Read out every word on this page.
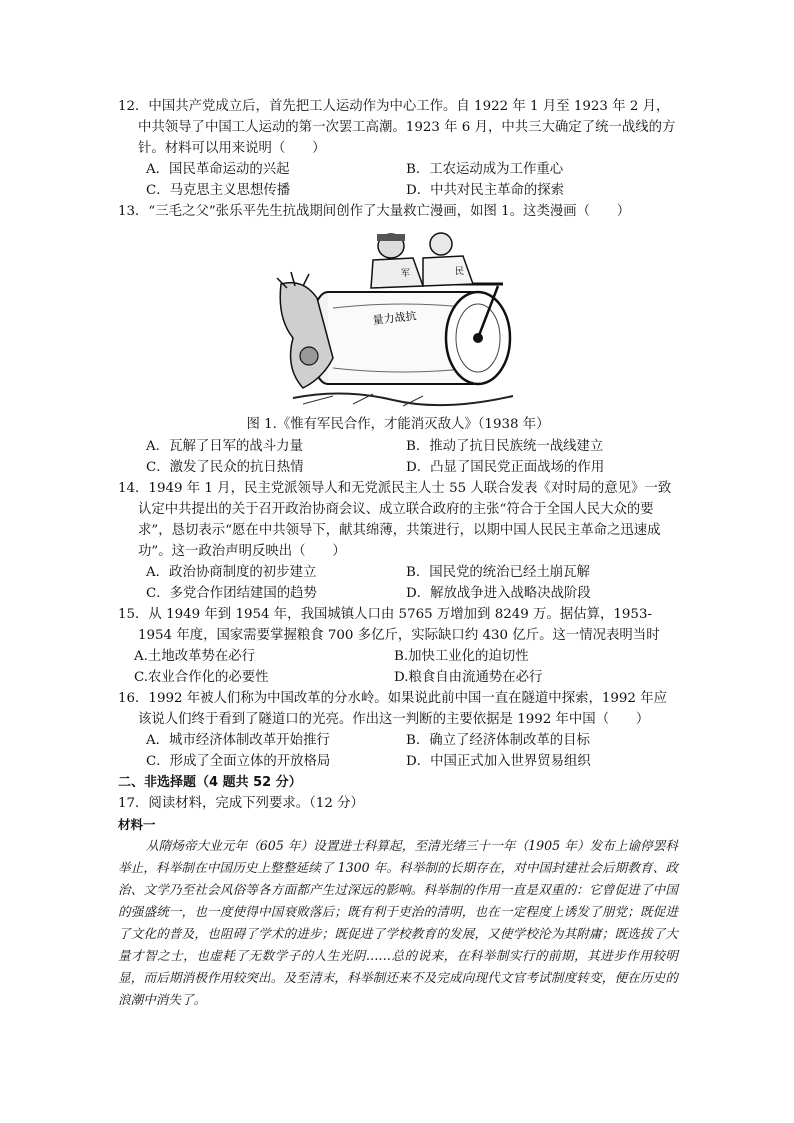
12．中国共产党成立后，首先把工人运动作为中心工作。自 1922 年 1 月至 1923 年 2 月，中共领导了中国工人运动的第一次罢工高潮。1923 年 6 月，中共三大确定了统一战线的方针。材料可以用来说明（　　）

A．国民革命运动的兴起	B．工农运动成为工作重心
C．马克思主义思想传播	D．中共对民主革命的探索

13．“三毛之父”张乐平先生抗战期间创作了大量救亡漫画，如图 1。这类漫画（　　）

量力战抗
军	民
图 1.《惟有军民合作，才能消灭敌人》（1938 年）
A．瓦解了日军的战斗力量	B．推动了抗日民族统一战线建立
C．激发了民众的抗日热情	D．凸显了国民党正面战场的作用

14．1949 年 1 月，民主党派领导人和无党派民主人士 55 人联合发表《对时局的意见》一致认定中共提出的关于召开政治协商会议、成立联合政府的主张“符合于全国人民大众的要求”，恳切表示“愿在中共领导下，献其绵薄，共策进行，以期中国人民民主革命之迅速成功”。这一政治声明反映出（　　）

A．政治协商制度的初步建立	B．国民党的统治已经土崩瓦解
C．多党合作团结建国的趋势	D．解放战争进入战略决战阶段

15．从 1949 年到 1954 年，我国城镇人口由 5765 万增加到 8249 万。据估算，1953-1954 年度，国家需要掌握粮食 700 多亿斤，实际缺口约 430 亿斤。这一情况表明当时

A.土地改革势在必行	B.加快工业化的迫切性
C.农业合作化的必要性	D.粮食自由流通势在必行

16．1992 年被人们称为中国改革的分水岭。如果说此前中国一直在隧道中探索，1992 年应该说人们终于看到了隧道口的光亮。作出这一判断的主要依据是 1992 年中国（　　）

A．城市经济体制改革开始推行	B．确立了经济体制改革的目标
C．形成了全面立体的开放格局	D．中国正式加入世界贸易组织
二、非选择题（4 题共 52 分）

17．阅读材料，完成下列要求。（12 分）

材料一

从隋炀帝大业元年（605 年）设置进士科算起，至清光绪三十一年（1905 年）发布上谕停罢科举止，科举制在中国历史上整整延续了 1300 年。科举制的长期存在，对中国封建社会后期教育、政治、文学乃至社会风俗等各方面都产生过深远的影响。科举制的作用一直是双重的：它曾促进了中国的强盛统一，也一度使得中国衰败落后；既有利于吏治的清明，也在一定程度上诱发了朋党；既促进了文化的普及，也阻碍了学术的进步；既促进了学校教育的发展，又使学校沦为其附庸；既选拔了大量才智之士，也虚耗了无数学子的人生光阴……总的说来，在科举制实行的前期，其进步作用较明显，而后期消极作用较突出。及至清末，科举制还来不及完成向现代文官考试制度转变，便在历史的浪潮中消失了。
